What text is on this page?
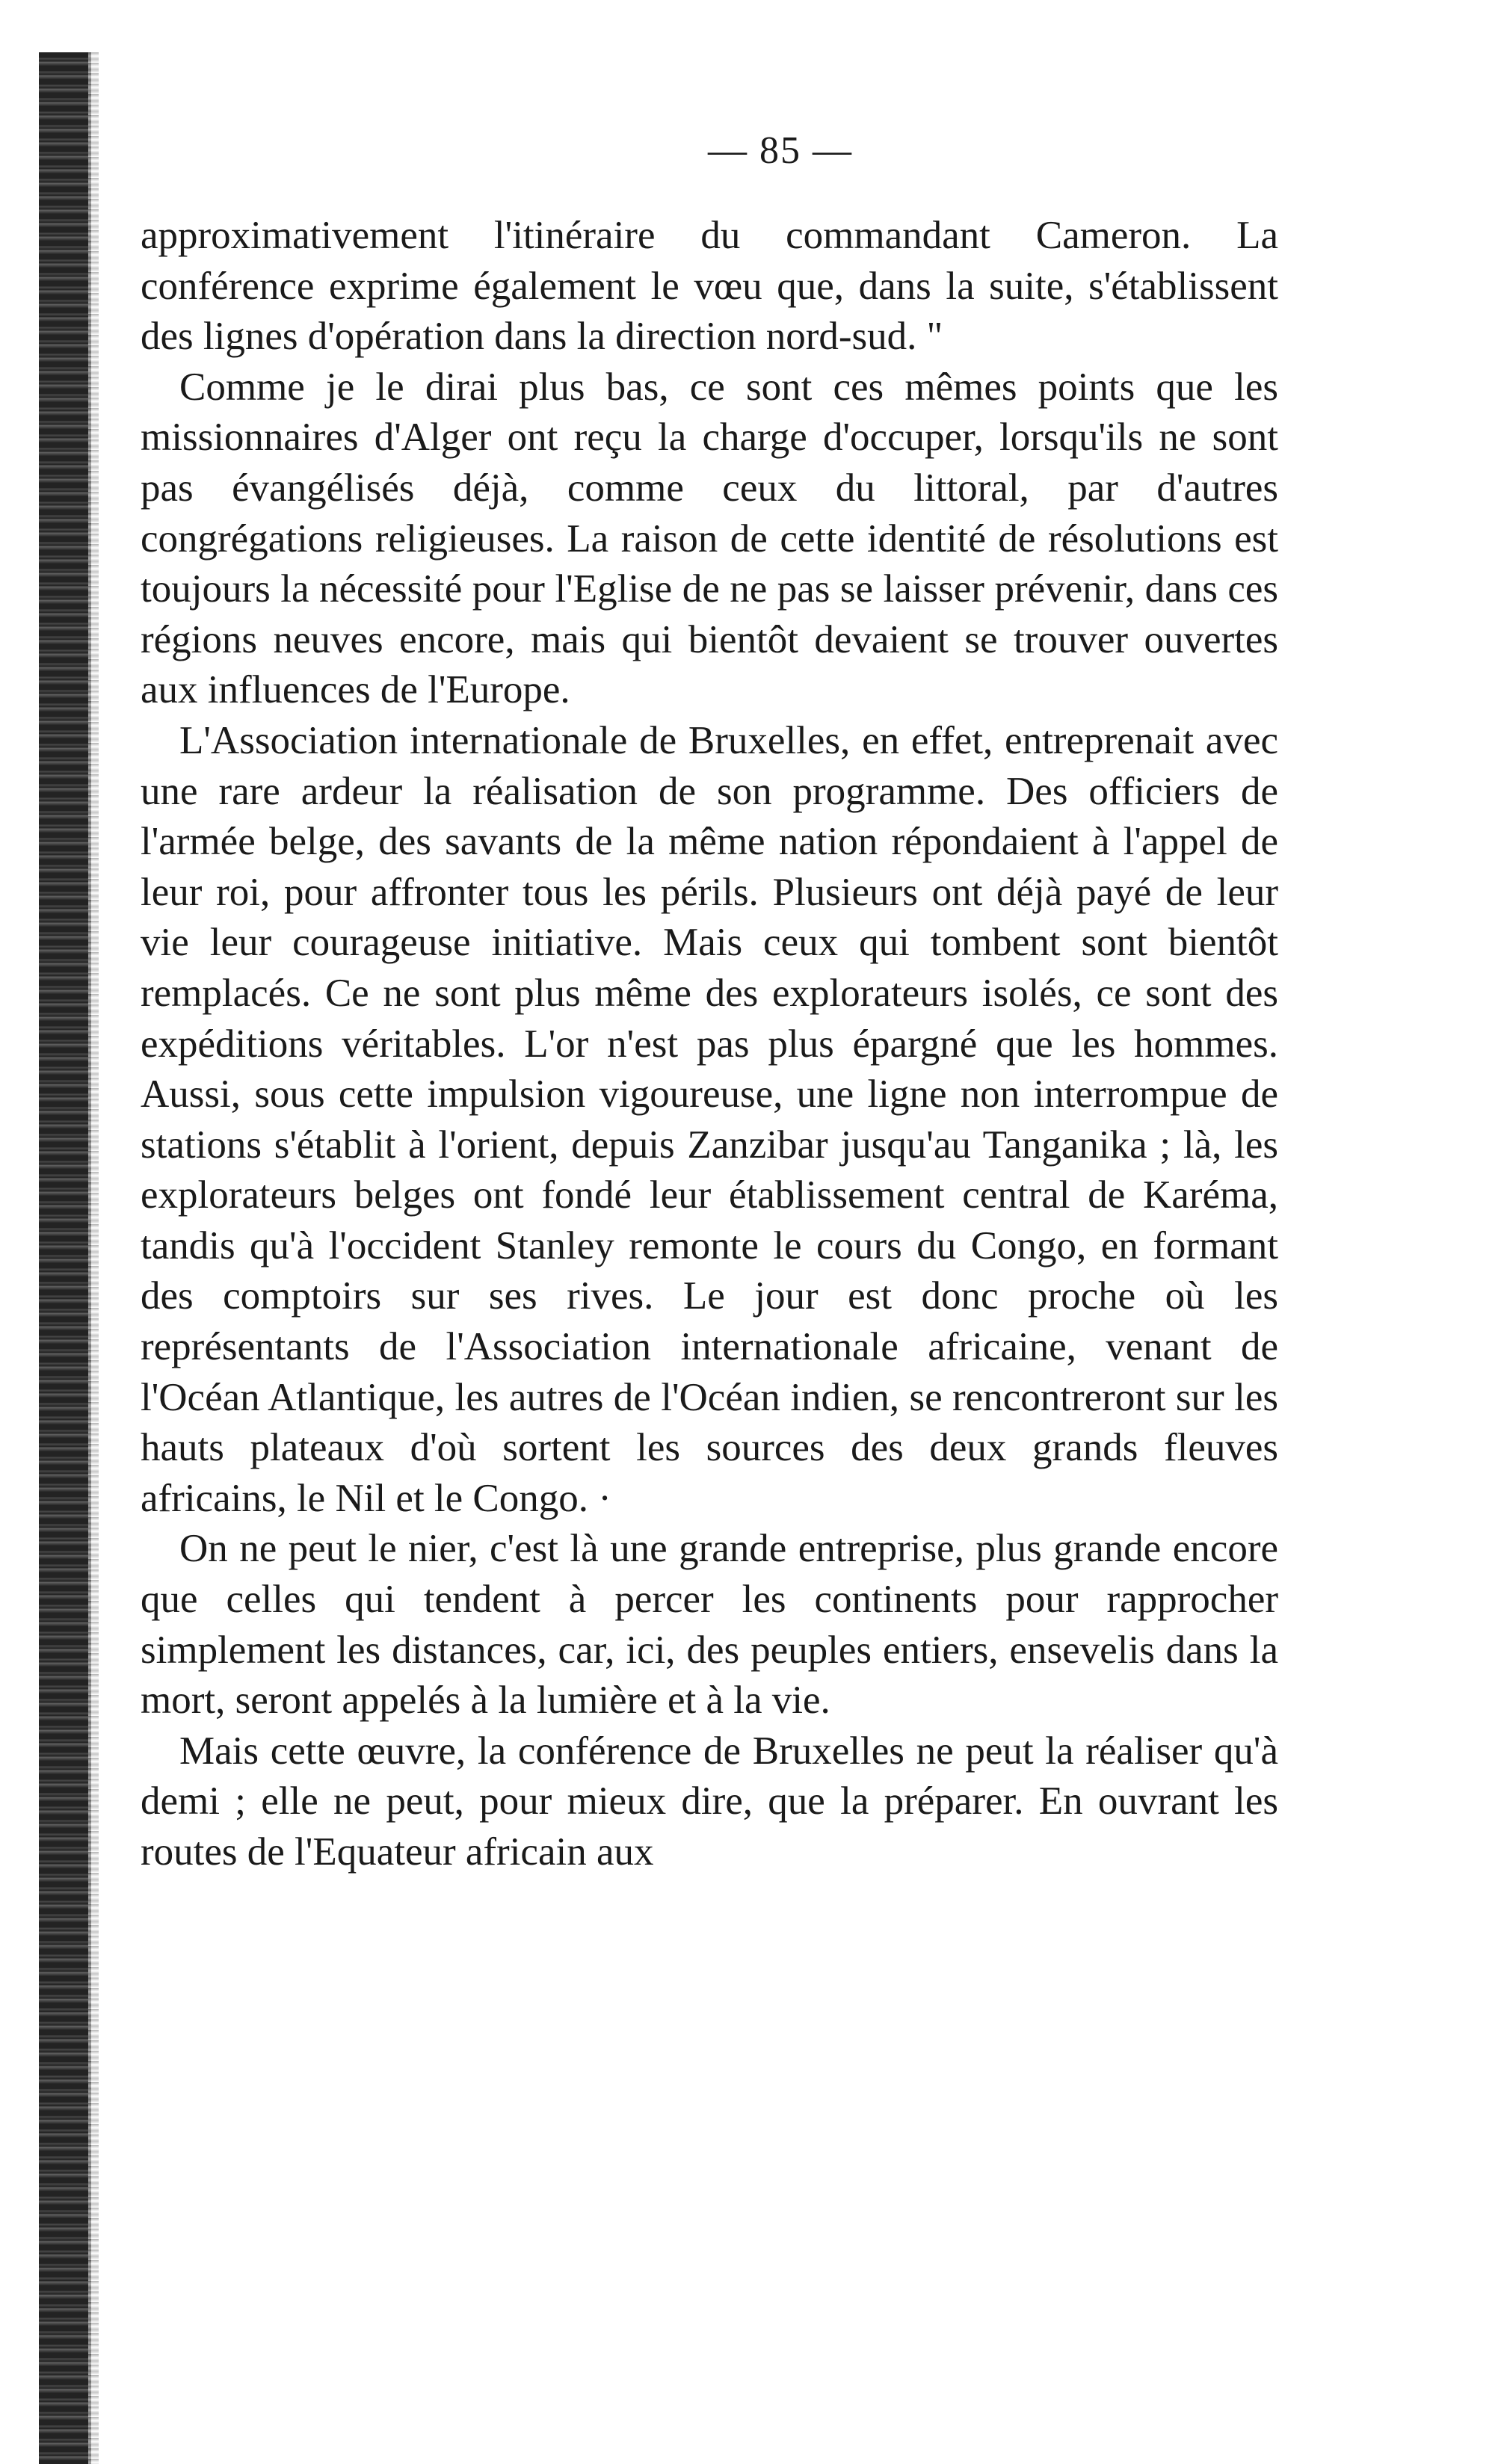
— 85 —

approximativement l'itinéraire du commandant Cameron. La conférence exprime également le vœu que, dans la suite, s'établissent des lignes d'opération dans la direction nord-sud. "

Comme je le dirai plus bas, ce sont ces mêmes points que les missionnaires d'Alger ont reçu la charge d'occuper, lorsqu'ils ne sont pas évangélisés déjà, comme ceux du littoral, par d'autres congrégations religieuses. La raison de cette identité de résolutions est toujours la nécessité pour l'Eglise de ne pas se laisser prévenir, dans ces régions neuves encore, mais qui bientôt devaient se trouver ouvertes aux influences de l'Europe.

L'Association internationale de Bruxelles, en effet, entreprenait avec une rare ardeur la réalisation de son programme. Des officiers de l'armée belge, des savants de la même nation répondaient à l'appel de leur roi, pour affronter tous les périls. Plusieurs ont déjà payé de leur vie leur courageuse initiative. Mais ceux qui tombent sont bientôt remplacés. Ce ne sont plus même des explorateurs isolés, ce sont des expéditions véritables. L'or n'est pas plus épargné que les hommes. Aussi, sous cette impulsion vigoureuse, une ligne non interrompue de stations s'établit à l'orient, depuis Zanzibar jusqu'au Tanganika ; là, les explorateurs belges ont fondé leur établissement central de Karéma, tandis qu'à l'occident Stanley remonte le cours du Congo, en formant des comptoirs sur ses rives. Le jour est donc proche où les représentants de l'Association internationale africaine, venant de l'Océan Atlantique, les autres de l'Océan indien, se rencontreront sur les hauts plateaux d'où sortent les sources des deux grands fleuves africains, le Nil et le Congo. ·

On ne peut le nier, c'est là une grande entreprise, plus grande encore que celles qui tendent à percer les continents pour rapprocher simplement les distances, car, ici, des peuples entiers, ensevelis dans la mort, seront appelés à la lumière et à la vie.

Mais cette œuvre, la conférence de Bruxelles ne peut la réaliser qu'à demi ; elle ne peut, pour mieux dire, que la préparer. En ouvrant les routes de l'Equateur africain aux
